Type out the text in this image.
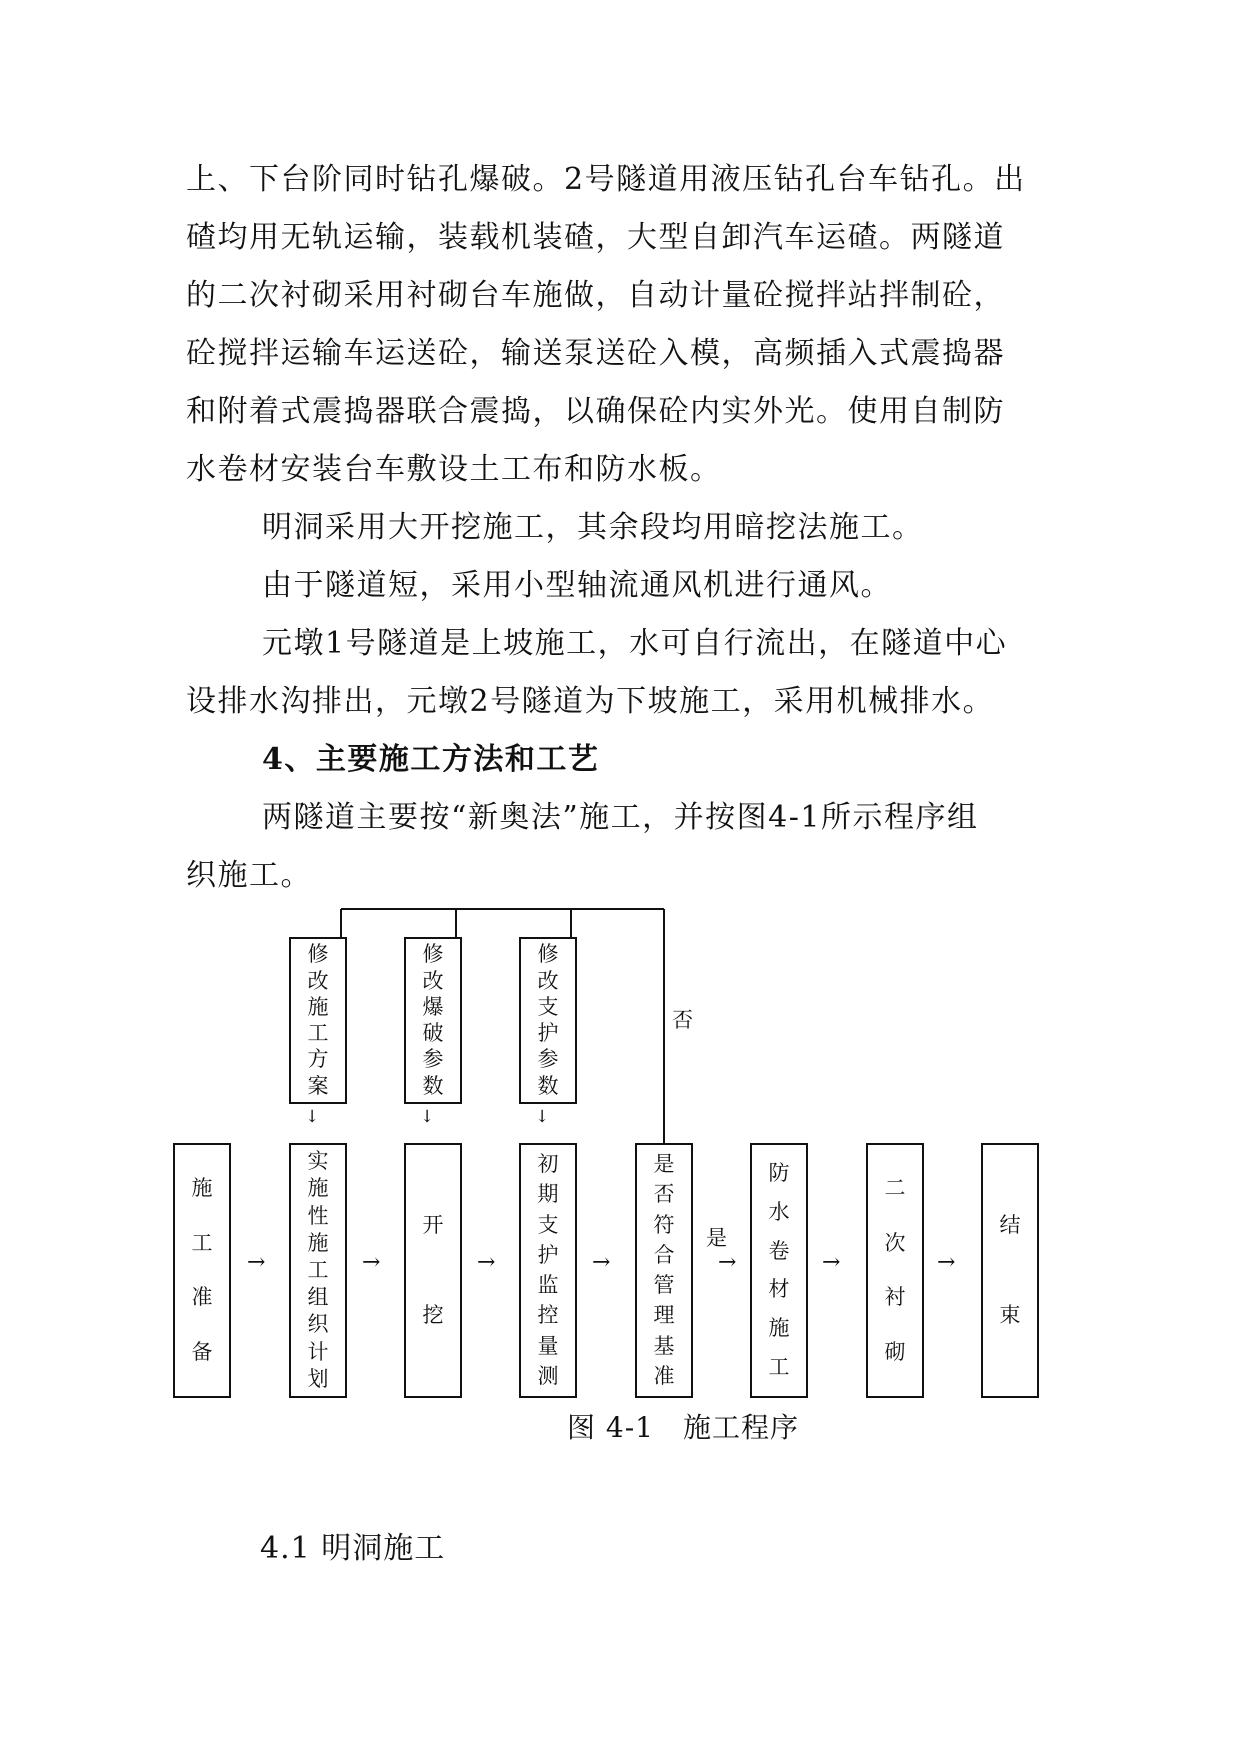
上、下台阶同时钻孔爆破。2号隧道用液压钻孔台车钻孔。出
碴均用无轨运输，装载机装碴，大型自卸汽车运碴。两隧道
的二次衬砌采用衬砌台车施做，自动计量砼搅拌站拌制砼，
砼搅拌运输车运送砼，输送泵送砼入模，高频插入式震捣器
和附着式震捣器联合震捣，以确保砼内实外光。使用自制防
水卷材安装台车敷设土工布和防水板。
明洞采用大开挖施工，其余段均用暗挖法施工。
由于隧道短，采用小型轴流通风机进行通风。
元墩1号隧道是上坡施工，水可自行流出，在隧道中心
设排水沟排出，元墩2号隧道为下坡施工，采用机械排水。
4、主要施工方法和工艺
两隧道主要按“新奥法”施工，并按图4-1所示程序组
织施工。
修
改
施
工
方
案
修
改
爆
破
参
数
修
改
支
护
参
数
施
工
准
备
实
施
性
施
工
组
织
计
划
开
挖
初
期
支
护
监
控
量
测
是
否
符
合
管
理
基
准
防
水
卷
材
施
工
二
次
衬
砌
结
束
↓	↓	↓
→	→	→	→	→	→	→
否
是
图 4-1　施工程序
4.1 明洞施工
